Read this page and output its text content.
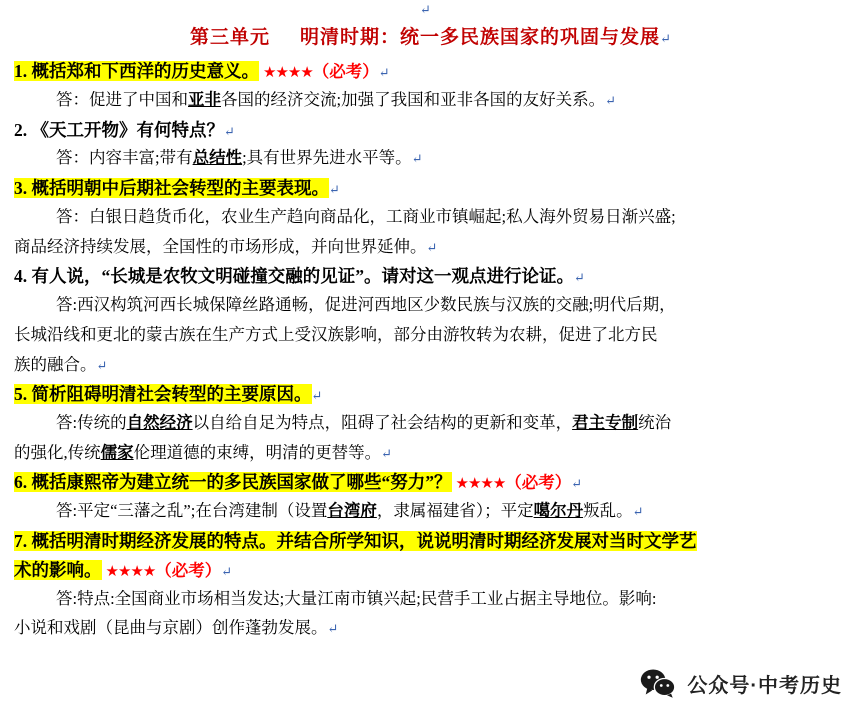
↵
第三单元 明清时期：统一多民族国家的巩固与发展↵
1. 概括郑和下西洋的历史意义。 ★★★★（必考）↵
答：促进了中国和亚非各国的经济交流;加强了我国和亚非各国的友好关系。↵
2. 《天工开物》有何特点？↵
答：内容丰富;带有总结性;具有世界先进水平等。↵
3. 概括明朝中后期社会转型的主要表现。↵
答：白银日趋货币化，农业生产趋向商品化，工商业市镇崛起;私人海外贸易日渐兴盛;
商品经济持续发展，全国性的市场形成，并向世界延伸。↵
4. 有人说，“长城是农牧文明碰撞交融的见证”。请对这一观点进行论证。↵
答:西汉构筑河西长城保障丝路通畅，促进河西地区少数民族与汉族的交融;明代后期，
长城沿线和更北的蒙古族在生产方式上受汉族影响，部分由游牧转为农耕，促进了北方民
族的融合。↵
5. 简析阻碍明清社会转型的主要原因。↵
答:传统的自然经济以自给自足为特点，阻碍了社会结构的更新和变革，君主专制统治
的强化,传统儒家伦理道德的束缚，明清的更替等。↵
6. 概括康熙帝为建立统一的多民族国家做了哪些“努力”？ ★★★★（必考）↵
答:平定“三藩之乱”;在台湾建制（设置台湾府，隶属福建省）；平定噶尔丹叛乱。↵
7. 概括明清时期经济发展的特点。并结合所学知识，说说明清时期经济发展对当时文学艺
术的影响。 ★★★★（必考）↵
答:特点:全国商业市场相当发达;大量江南市镇兴起;民营手工业占据主导地位。影响:
小说和戏剧（昆曲与京剧）创作蓬勃发展。↵
公众号·中考历史
